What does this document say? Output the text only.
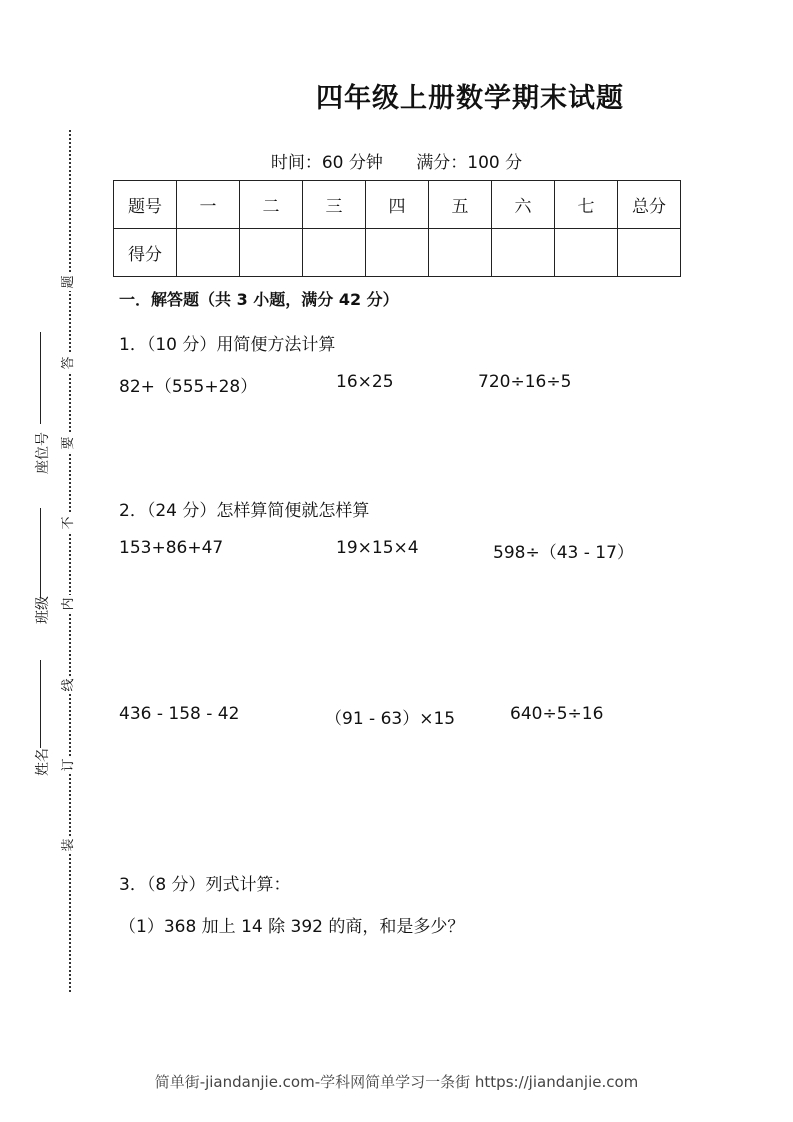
四年级上册数学期末试题
时间：60 分钟 满分：100 分
题号	一	二	三	四	五	六	七	总分
得分								
一．解答题（共 3 小题，满分 42 分）
1．（10 分）用简便方法计算
82+（555+28）	16×25	720÷16÷5
2．（24 分）怎样算简便就怎样算
153+86+47	19×15×4	598÷（43 - 17）
436 - 158 - 42	（91 - 63）×15	640÷5÷16
3．（8 分）列式计算：
（1）368 加上 14 除 392 的商，和是多少？
题
答
要
不
内
线
订
装
座位号
班级
姓名
简单街-jiandanjie.com-学科网简单学习一条街 https://jiandanjie.com
